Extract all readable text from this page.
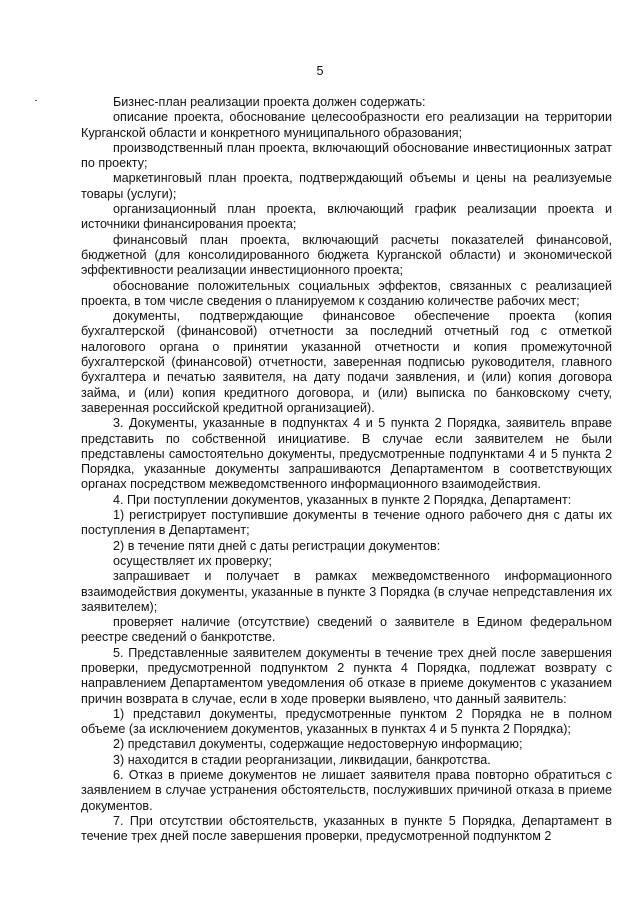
5

Бизнес-план реализации проекта должен содержать:

описание проекта, обоснование целесообразности его реализации на территории Курганской области и конкретного муниципального образования;

производственный план проекта, включающий обоснование инвестиционных затрат по проекту;

маркетинговый план проекта, подтверждающий объемы и цены на реализуемые товары (услуги);

организационный план проекта, включающий график реализации проекта и источники финансирования проекта;

финансовый план проекта, включающий расчеты показателей финансовой, бюджетной (для консолидированного бюджета Курганской области) и экономической эффективности реализации инвестиционного проекта;

обоснование положительных социальных эффектов, связанных с реализацией проекта, в том числе сведения о планируемом к созданию количестве рабочих мест;

документы, подтверждающие финансовое обеспечение проекта (копия бухгалтерской (финансовой) отчетности за последний отчетный год с отметкой налогового органа о принятии указанной отчетности и копия промежуточной бухгалтерской (финансовой) отчетности, заверенная подписью руководителя, главного бухгалтера и печатью заявителя, на дату подачи заявления, и (или) копия договора займа, и (или) копия кредитного договора, и (или) выписка по банковскому счету, заверенная российской кредитной организацией).

3. Документы, указанные в подпунктах 4 и 5 пункта 2 Порядка, заявитель вправе представить по собственной инициативе. В случае если заявителем не были представлены самостоятельно документы, предусмотренные подпунктами 4 и 5 пункта 2 Порядка, указанные документы запрашиваются Департаментом в соответствующих органах посредством межведомственного информационного взаимодействия.

4. При поступлении документов, указанных в пункте 2 Порядка, Департамент:

1) регистрирует поступившие документы в течение одного рабочего дня с даты их поступления в Департамент;

2) в течение пяти дней с даты регистрации документов:

осуществляет их проверку;

запрашивает и получает в рамках межведомственного информационного взаимодействия документы, указанные в пункте 3 Порядка (в случае непредставления их заявителем);

проверяет наличие (отсутствие) сведений о заявителе в Едином федеральном реестре сведений о банкротстве.

5. Представленные заявителем документы в течение трех дней после завершения проверки, предусмотренной подпунктом 2 пункта 4 Порядка, подлежат возврату с направлением Департаментом уведомления об отказе в приеме документов с указанием причин возврата в случае, если в ходе проверки выявлено, что данный заявитель:

1) представил документы, предусмотренные пунктом 2 Порядка не в полном объеме (за исключением документов, указанных в пунктах 4 и 5 пункта 2 Порядка);

2) представил документы, содержащие недостоверную информацию;

3) находится в стадии реорганизации, ликвидации, банкротства.

6. Отказ в приеме документов не лишает заявителя права повторно обратиться с заявлением в случае устранения обстоятельств, послуживших причиной отказа в приеме документов.

7. При отсутствии обстоятельств, указанных в пункте 5 Порядка, Департамент в течение трех дней после завершения проверки, предусмотренной подпунктом 2
